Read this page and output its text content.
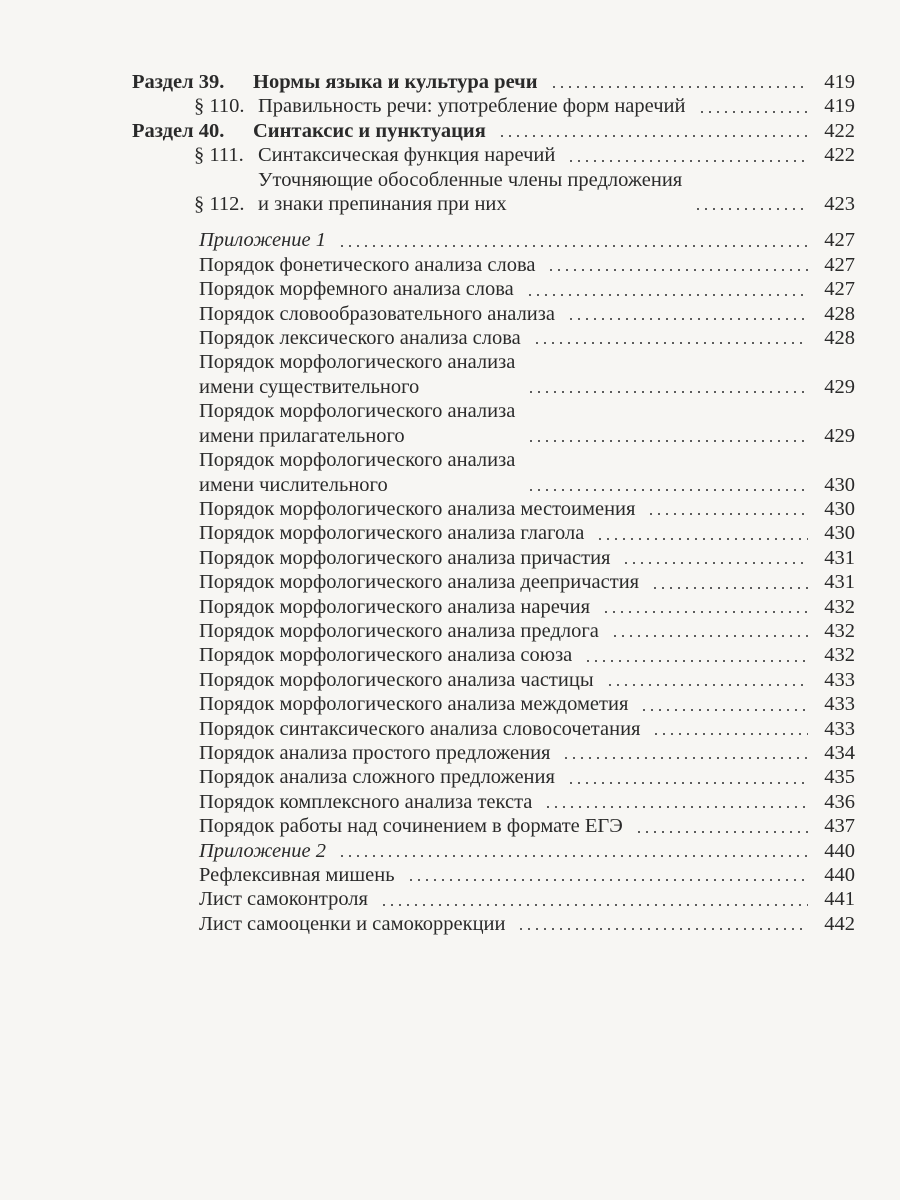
Раздел 39.	Нормы языка и культура речи	419
§ 110. Правильность речи: употребление форм наречий	419
Раздел 40.	Синтаксис и пунктуация	422
§ 111. Синтаксическая функция наречий	422
§ 112.
Уточняющие обособленные члены предложения
и знаки препинания при них	423
Приложение 1	427
Порядок фонетического анализа слова	427
Порядок морфемного анализа слова	427
Порядок словообразовательного анализа	428
Порядок лексического анализа слова	428
Порядок морфологического анализа
имени существительного	429
Порядок морфологического анализа
имени прилагательного	429
Порядок морфологического анализа
имени числительного	430
Порядок морфологического анализа местоимения	430
Порядок морфологического анализа глагола	430
Порядок морфологического анализа причастия	431
Порядок морфологического анализа деепричастия	431
Порядок морфологического анализа наречия	432
Порядок морфологического анализа предлога	432
Порядок морфологического анализа союза	432
Порядок морфологического анализа частицы	433
Порядок морфологического анализа междометия	433
Порядок синтаксического анализа словосочетания	433
Порядок анализа простого предложения	434
Порядок анализа сложного предложения	435
Порядок комплексного анализа текста	436
Порядок работы над сочинением в формате ЕГЭ	437
Приложение 2	440
Рефлексивная мишень	440
Лист самоконтроля	441
Лист самооценки и самокоррекции	442
